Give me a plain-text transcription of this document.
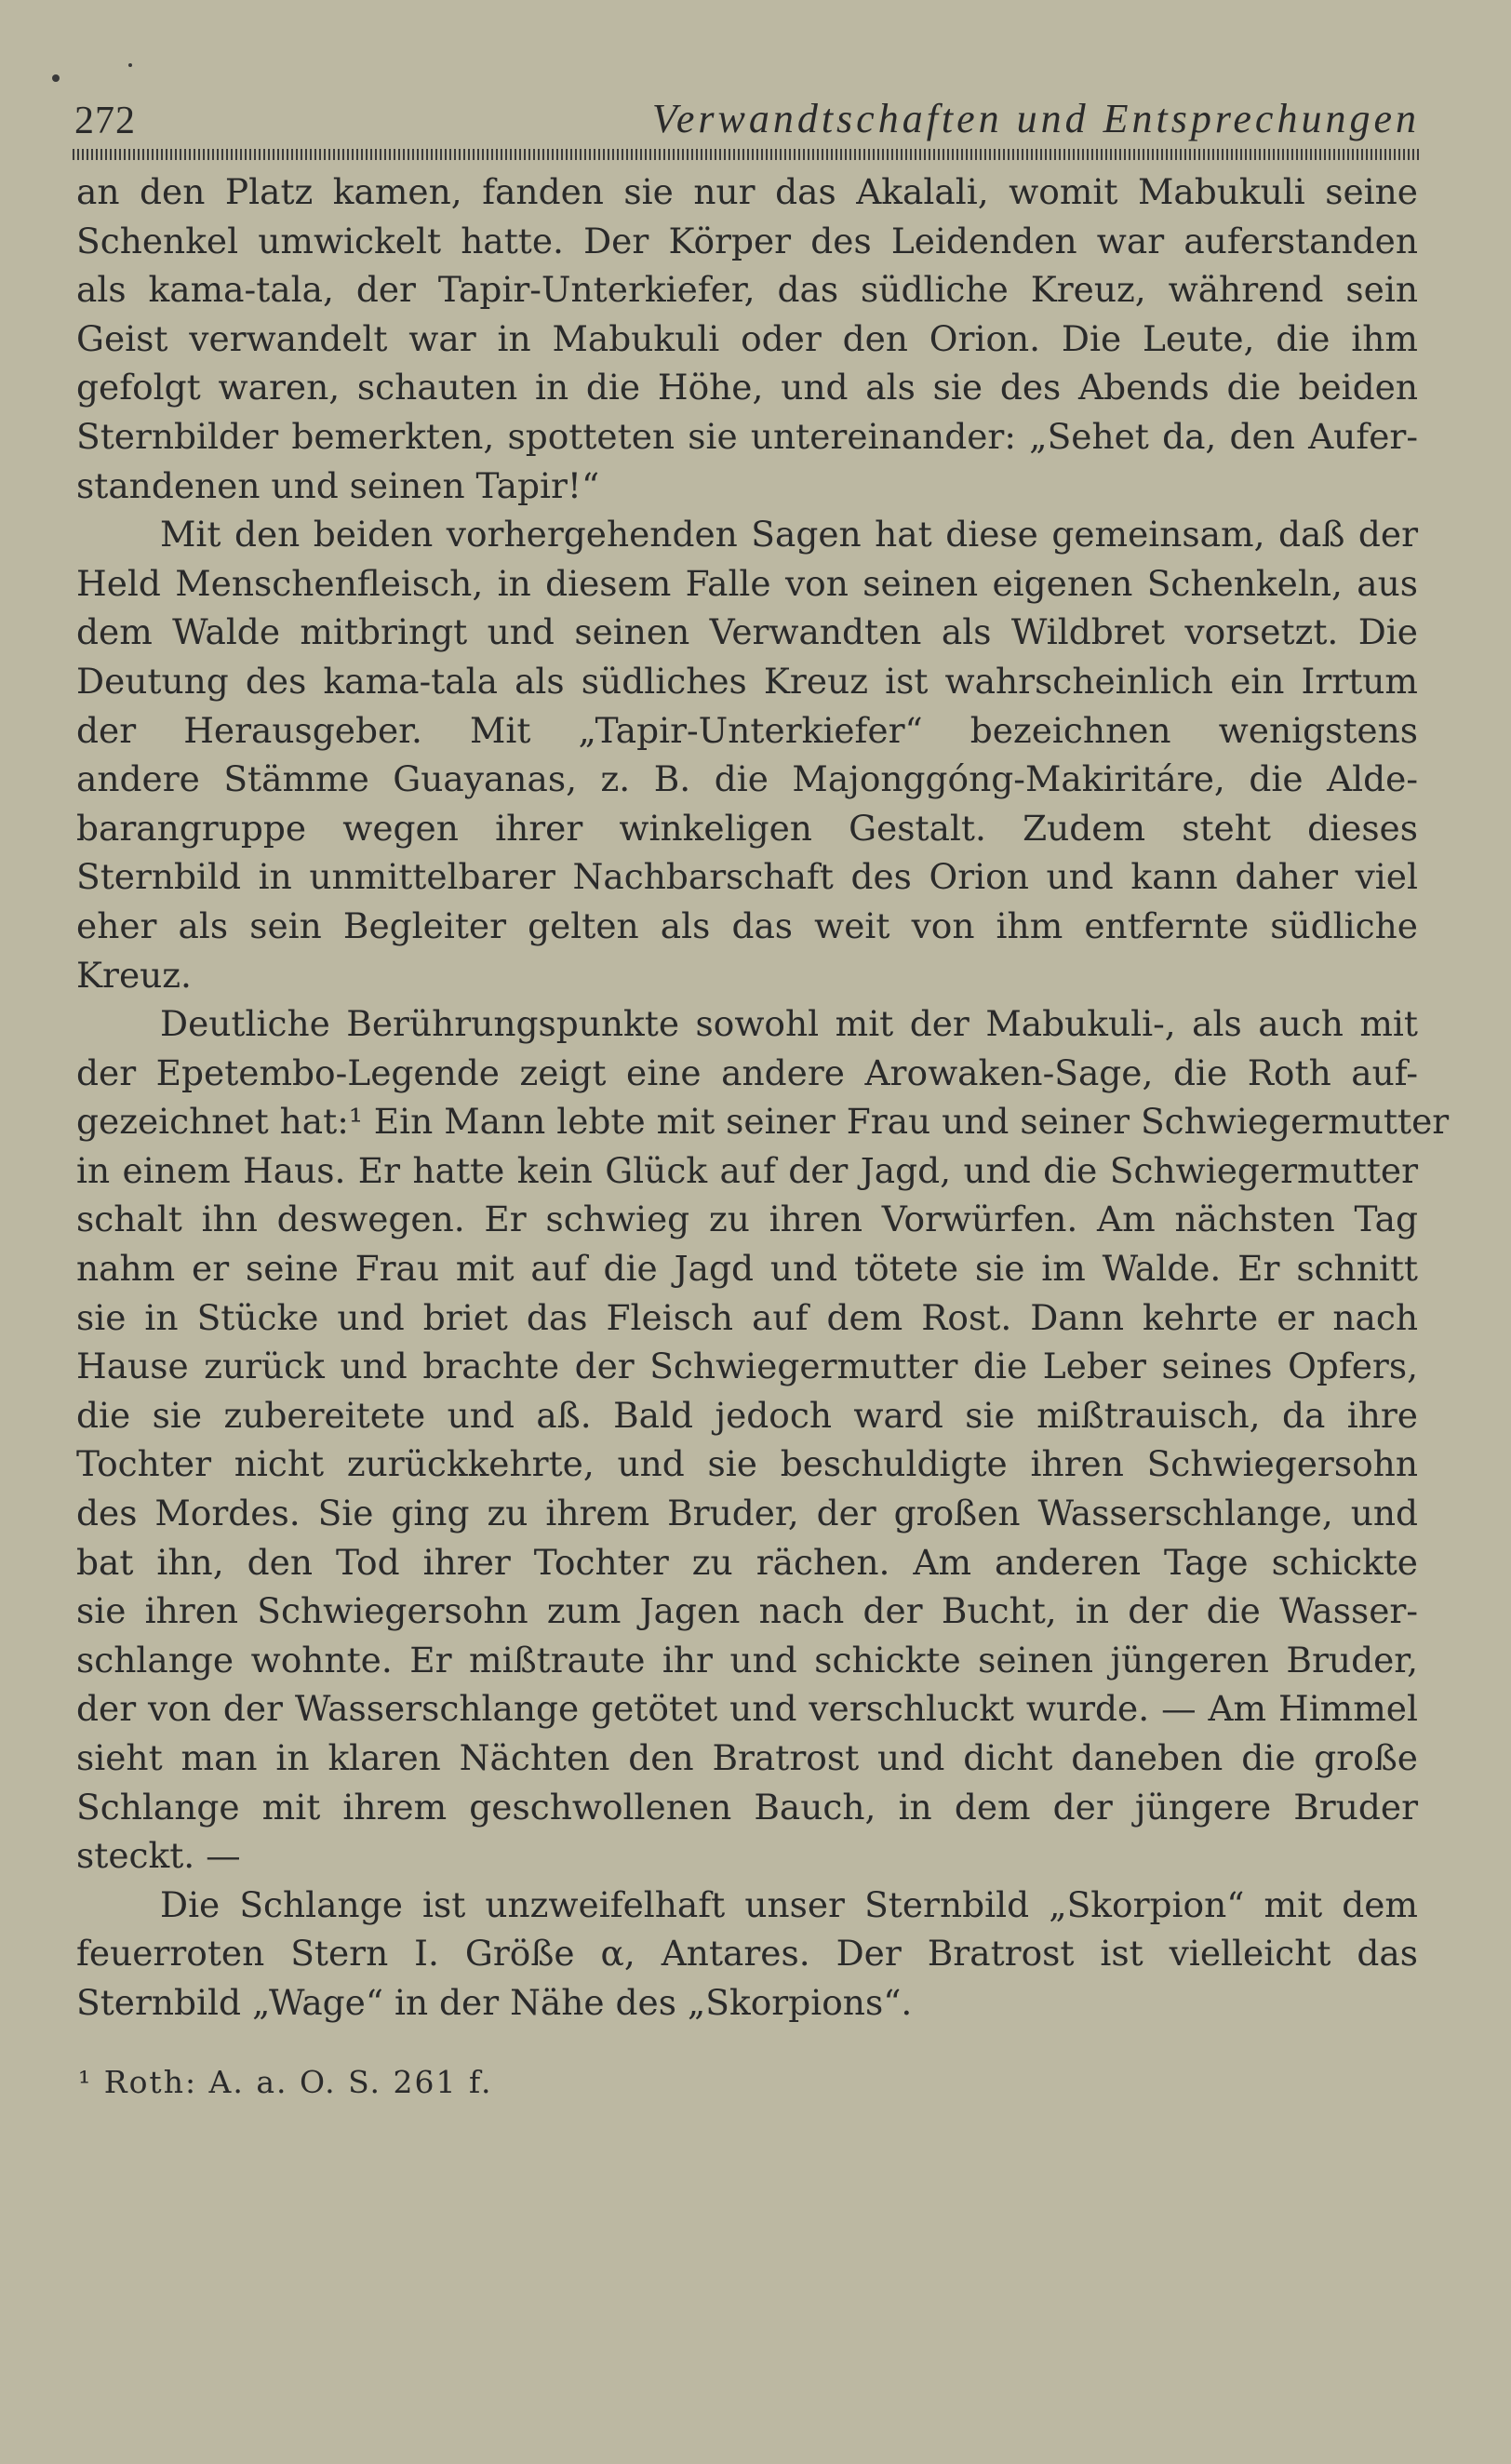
272	Verwandtschaften und Entsprechungen
an den Platz kamen, fanden sie nur das Akalali, womit Mabukuli seine
Schenkel umwickelt hatte. Der Körper des Leidenden war auferstanden
als kama-tala, der Tapir-Unterkiefer, das südliche Kreuz, während sein
Geist verwandelt war in Mabukuli oder den Orion. Die Leute, die ihm
gefolgt waren, schauten in die Höhe, und als sie des Abends die beiden
Sternbilder bemerkten, spotteten sie untereinander: „Sehet da, den Aufer-
standenen und seinen Tapir!“
Mit den beiden vorhergehenden Sagen hat diese gemeinsam, daß der
Held Menschenfleisch, in diesem Falle von seinen eigenen Schenkeln, aus
dem Walde mitbringt und seinen Verwandten als Wildbret vorsetzt. Die
Deutung des kama-tala als südliches Kreuz ist wahrscheinlich ein Irrtum
der Herausgeber. Mit „Tapir-Unterkiefer“ bezeichnen wenigstens
andere Stämme Guayanas, z. B. die Majonggóng-Makiritáre, die Alde-
barangruppe wegen ihrer winkeligen Gestalt. Zudem steht dieses
Sternbild in unmittelbarer Nachbarschaft des Orion und kann daher viel
eher als sein Begleiter gelten als das weit von ihm entfernte südliche
Kreuz.
Deutliche Berührungspunkte sowohl mit der Mabukuli-, als auch mit
der Epetembo-Legende zeigt eine andere Arowaken-Sage, die Roth auf-
gezeichnet hat:¹ Ein Mann lebte mit seiner Frau und seiner Schwiegermutter
in einem Haus. Er hatte kein Glück auf der Jagd, und die Schwiegermutter
schalt ihn deswegen. Er schwieg zu ihren Vorwürfen. Am nächsten Tag
nahm er seine Frau mit auf die Jagd und tötete sie im Walde. Er schnitt
sie in Stücke und briet das Fleisch auf dem Rost. Dann kehrte er nach
Hause zurück und brachte der Schwiegermutter die Leber seines Opfers,
die sie zubereitete und aß. Bald jedoch ward sie mißtrauisch, da ihre
Tochter nicht zurückkehrte, und sie beschuldigte ihren Schwiegersohn
des Mordes. Sie ging zu ihrem Bruder, der großen Wasserschlange, und
bat ihn, den Tod ihrer Tochter zu rächen. Am anderen Tage schickte
sie ihren Schwiegersohn zum Jagen nach der Bucht, in der die Wasser-
schlange wohnte. Er mißtraute ihr und schickte seinen jüngeren Bruder,
der von der Wasserschlange getötet und verschluckt wurde. — Am Himmel
sieht man in klaren Nächten den Bratrost und dicht daneben die große
Schlange mit ihrem geschwollenen Bauch, in dem der jüngere Bruder
steckt. —
Die Schlange ist unzweifelhaft unser Sternbild „Skorpion“ mit dem
feuerroten Stern I. Größe α, Antares. Der Bratrost ist vielleicht das
Sternbild „Wage“ in der Nähe des „Skorpions“.
¹ Roth: A. a. O. S. 261 f.
